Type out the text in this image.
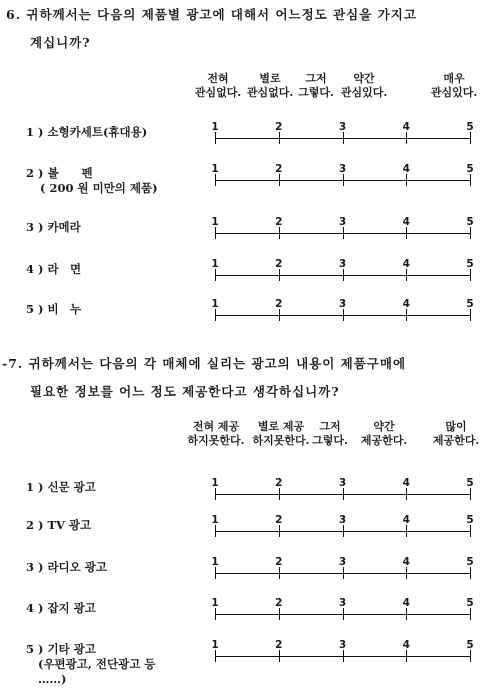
6. 귀하께서는 다음의 제품별 광고에 대해서 어느정도 관심을 가지고
계십니까?
전혀
관심없다.
별로
관심없다.
그저
그렇다.
약간
관심있다.
매우
관심있다.
1 ) 소형카세트(휴대용)	1	2	3	4	5
2 ) 볼　　펜
( 200 원 미만의 제품)
1	2	3	4	5
3 ) 카메라	1	2	3	4	5
4 ) 라　면	1	2	3	4	5
5 ) 비　누	1	2	3	4	5
-7. 귀하께서는 다음의 각 매체에 실리는 광고의 내용이 제품구매에
필요한 정보를 어느 정도 제공한다고 생각하십니까?
전혀 제공
하지못한다.
별로 제공
하지못한다.
그저
그렇다.
약간
제공한다.
많이
제공한다.
1 ) 신문 광고	1	2	3	4	5
2 ) TV 광고	1	2	3	4	5
3 ) 라디오 광고	1	2	3	4	5
4 ) 잡지 광고	1	2	3	4	5
5 ) 기타 광고
(우편광고, 전단광고 등
……)
1	2	3	4	5
